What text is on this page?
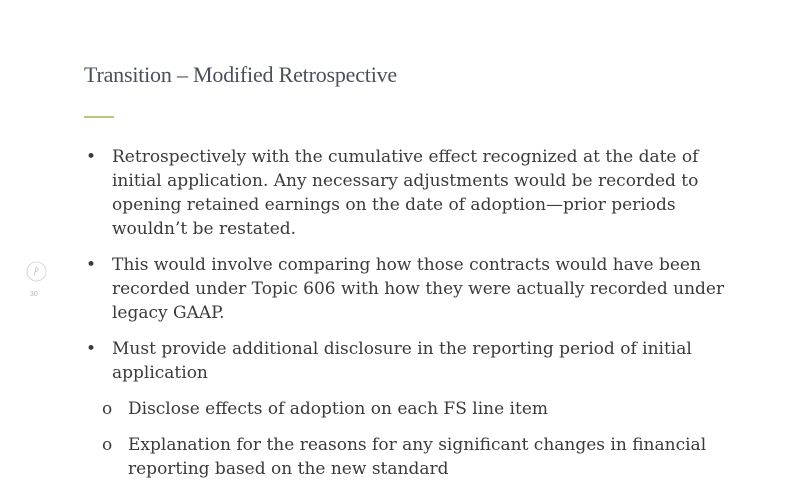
Transition – Modified Retrospective
30
• Retrospectively with the cumulative effect recognized at the date of initial application. Any necessary adjustments would be recorded to opening retained earnings on the date of adoption—prior periods wouldn’t be restated.
• This would involve comparing how those contracts would have been recorded under Topic 606 with how they were actually recorded under legacy GAAP.
• Must provide additional disclosure in the reporting period of initial application
o Disclose effects of adoption on each FS line item
o Explanation for the reasons for any significant changes in financial reporting based on the new standard
